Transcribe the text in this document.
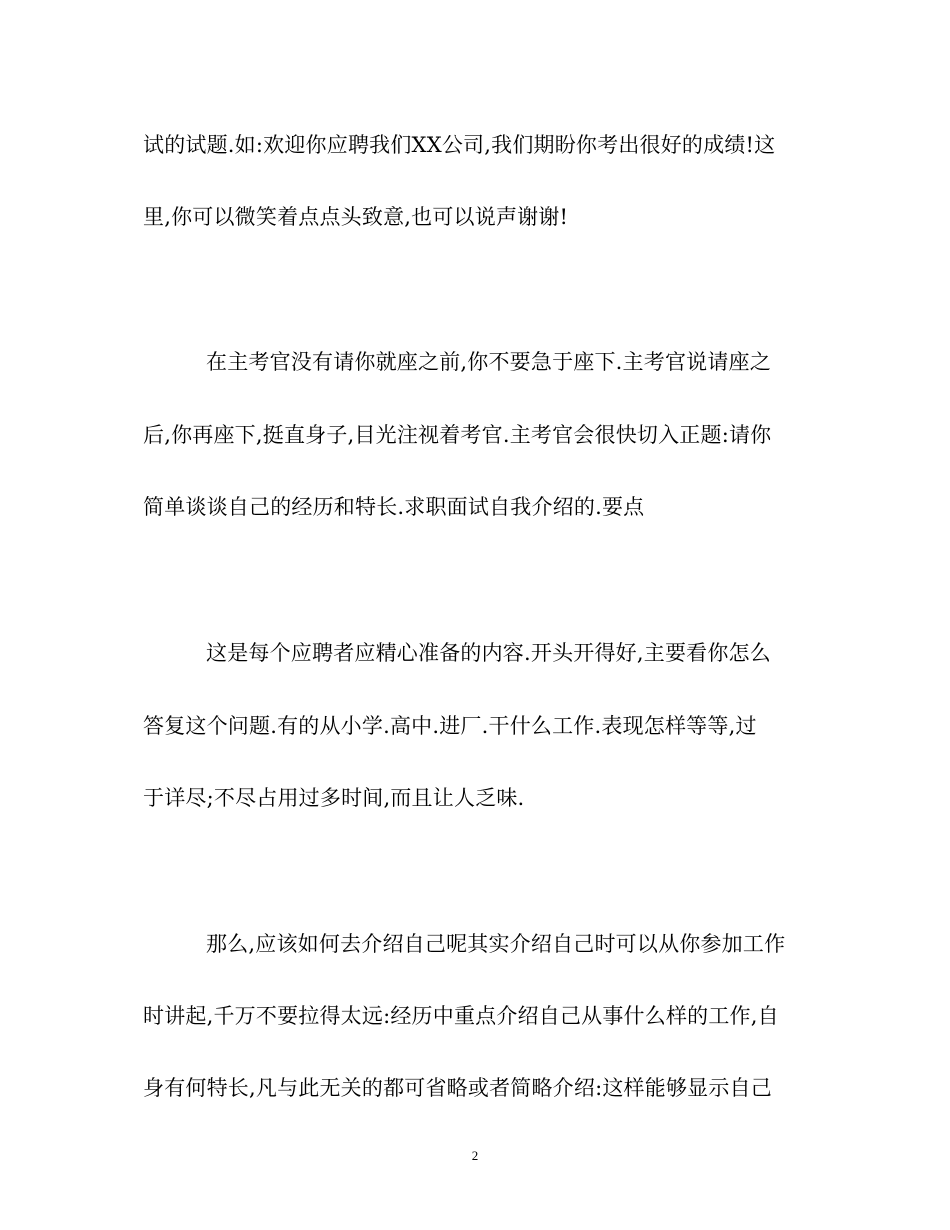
试的试题.如:欢迎你应聘我们XX公司,我们期盼你考出很好的成绩!这
里,你可以微笑着点点头致意,也可以说声谢谢!
在主考官没有请你就座之前,你不要急于座下.主考官说请座之
后,你再座下,挺直身子,目光注视着考官.主考官会很快切入正题:请你
简单谈谈自己的经历和特长.求职面试自我介绍的.要点
这是每个应聘者应精心准备的内容.开头开得好,主要看你怎么
答复这个问题.有的从小学.高中.进厂.干什么工作.表现怎样等等,过
于详尽;不尽占用过多时间,而且让人乏味.
那么,应该如何去介绍自己呢其实介绍自己时可以从你参加工作
时讲起,千万不要拉得太远:经历中重点介绍自己从事什么样的工作,自
身有何特长,凡与此无关的都可省略或者简略介绍:这样能够显示自己
2
